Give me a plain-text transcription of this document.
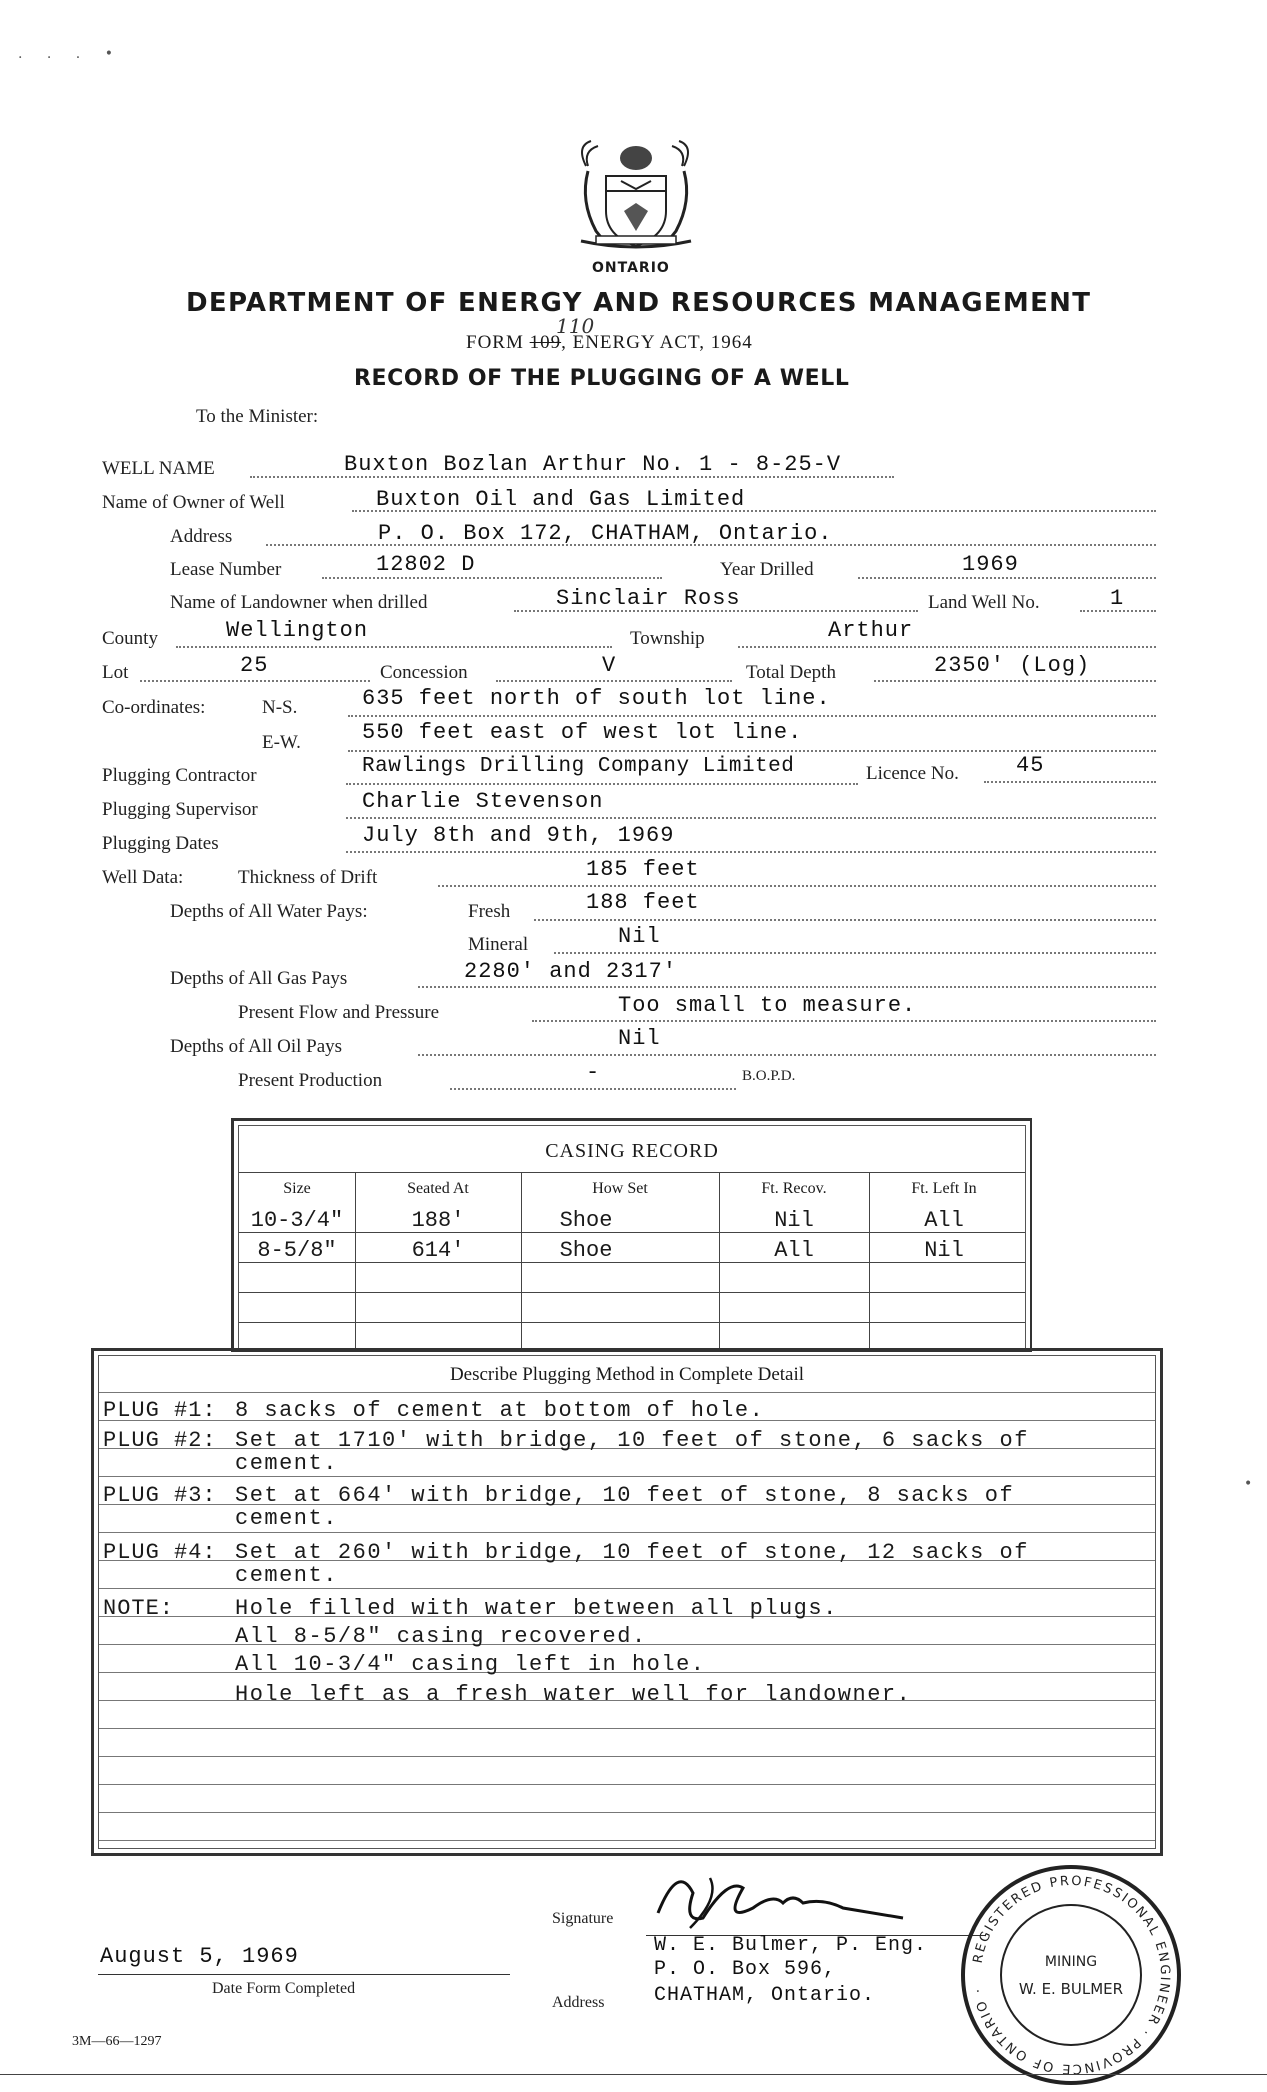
. . . •
ONTARIO
DEPARTMENT OF ENERGY AND RESOURCES MANAGEMENT
FORM 109, ENERGY ACT, 1964
110
RECORD OF THE PLUGGING OF A WELL
To the Minister:
WELL NAME	Buxton Bozlan Arthur No. 1 - 8-25-V
Name of Owner of Well	Buxton Oil and Gas Limited
Address	P. O. Box 172, CHATHAM, Ontario.
Lease Number	12802 D	Year Drilled	1969
Name of Landowner when drilled	Sinclair Ross	Land Well No.	1
County	Wellington	Township	Arthur
Lot	25	Concession	V	Total Depth	2350' (Log)
Co-ordinates:	N-S.	635 feet north of south lot line.
E-W.	550 feet east of west lot line.
Plugging Contractor	Rawlings Drilling Company Limited	Licence No.	45
Plugging Supervisor	Charlie Stevenson
Plugging Dates	July 8th and 9th, 1969
Well Data:	Thickness of Drift	185 feet
Depths of All Water Pays:	Fresh	188 feet
Mineral	Nil
Depths of All Gas Pays	2280' and 2317'
Present Flow and Pressure	Too small to measure.
Depths of All Oil Pays	Nil
Present Production	-	B.O.P.D.
CASING RECORD
Size	Seated At	How Set	Ft. Recov.	Ft. Left In
10-3/4"	188'	Shoe	Nil	All
8-5/8"	614'	Shoe	All	Nil
Describe Plugging Method in Complete Detail
PLUG #1: 8 sacks of cement at bottom of hole.
PLUG #2: Set at 1710' with bridge, 10 feet of stone, 6 sacks of
cement.
PLUG #3: Set at 664' with bridge, 10 feet of stone, 8 sacks of
cement.
PLUG #4: Set at 260' with bridge, 10 feet of stone, 12 sacks of
cement.
NOTE:	Hole filled with water between all plugs.
All 8-5/8" casing recovered.
All 10-3/4" casing left in hole.
Hole left as a fresh water well for landowner.
•
August 5, 1969
Date Form Completed
Signature
W. E. Bulmer, P. Eng.
Address
P. O. Box 596,
CHATHAM, Ontario.
REGISTERED PROFESSIONAL ENGINEER · PROVINCE OF ONTARIO ·
MINING
W. E. BULMER
3M—66—1297
